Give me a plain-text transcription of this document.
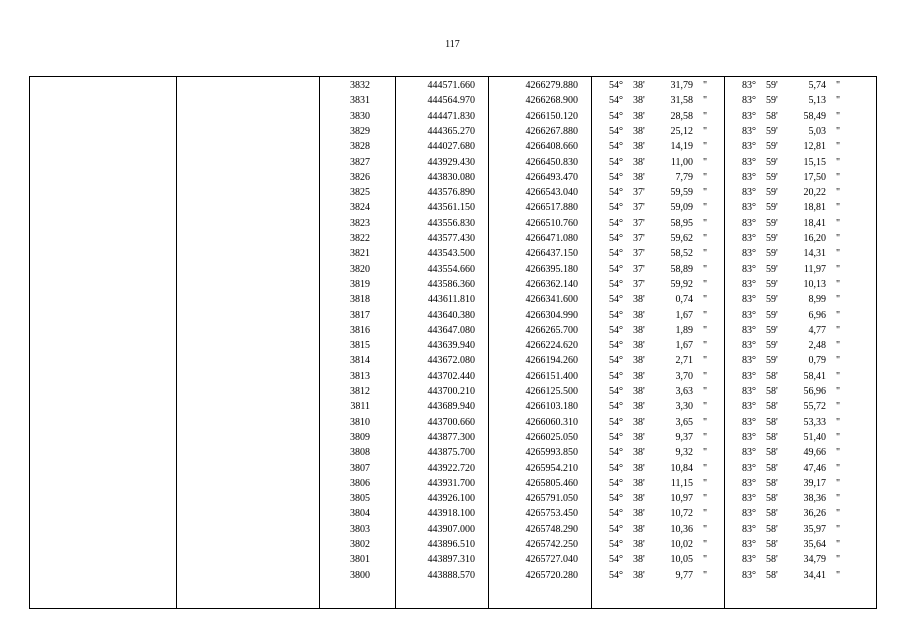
117
3832	444571.660	4266279.880	54 °	38 '	31,79 "	83 °	59 '	5,74 "
3831	444564.970	4266268.900	54 °	38 '	31,58 "	83 °	59 '	5,13 "
3830	444471.830	4266150.120	54 °	38 '	28,58 "	83 °	58 '	58,49 "
3829	444365.270	4266267.880	54 °	38 '	25,12 "	83 °	59 '	5,03 "
3828	444027.680	4266408.660	54 °	38 '	14,19 "	83 °	59 '	12,81 "
3827	443929.430	4266450.830	54 °	38 '	11,00 "	83 °	59 '	15,15 "
3826	443830.080	4266493.470	54 °	38 '	7,79 "	83 °	59 '	17,50 "
3825	443576.890	4266543.040	54 °	37 '	59,59 "	83 °	59 '	20,22 "
3824	443561.150	4266517.880	54 °	37 '	59,09 "	83 °	59 '	18,81 "
3823	443556.830	4266510.760	54 °	37 '	58,95 "	83 °	59 '	18,41 "
3822	443577.430	4266471.080	54 °	37 '	59,62 "	83 °	59 '	16,20 "
3821	443543.500	4266437.150	54 °	37 '	58,52 "	83 °	59 '	14,31 "
3820	443554.660	4266395.180	54 °	37 '	58,89 "	83 °	59 '	11,97 "
3819	443586.360	4266362.140	54 °	37 '	59,92 "	83 °	59 '	10,13 "
3818	443611.810	4266341.600	54 °	38 '	0,74 "	83 °	59 '	8,99 "
3817	443640.380	4266304.990	54 °	38 '	1,67 "	83 °	59 '	6,96 "
3816	443647.080	4266265.700	54 °	38 '	1,89 "	83 °	59 '	4,77 "
3815	443639.940	4266224.620	54 °	38 '	1,67 "	83 °	59 '	2,48 "
3814	443672.080	4266194.260	54 °	38 '	2,71 "	83 °	59 '	0,79 "
3813	443702.440	4266151.400	54 °	38 '	3,70 "	83 °	58 '	58,41 "
3812	443700.210	4266125.500	54 °	38 '	3,63 "	83 °	58 '	56,96 "
3811	443689.940	4266103.180	54 °	38 '	3,30 "	83 °	58 '	55,72 "
3810	443700.660	4266060.310	54 °	38 '	3,65 "	83 °	58 '	53,33 "
3809	443877.300	4266025.050	54 °	38 '	9,37 "	83 °	58 '	51,40 "
3808	443875.700	4265993.850	54 °	38 '	9,32 "	83 °	58 '	49,66 "
3807	443922.720	4265954.210	54 °	38 '	10,84 "	83 °	58 '	47,46 "
3806	443931.700	4265805.460	54 °	38 '	11,15 "	83 °	58 '	39,17 "
3805	443926.100	4265791.050	54 °	38 '	10,97 "	83 °	58 '	38,36 "
3804	443918.100	4265753.450	54 °	38 '	10,72 "	83 °	58 '	36,26 "
3803	443907.000	4265748.290	54 °	38 '	10,36 "	83 °	58 '	35,97 "
3802	443896.510	4265742.250	54 °	38 '	10,02 "	83 °	58 '	35,64 "
3801	443897.310	4265727.040	54 °	38 '	10,05 "	83 °	58 '	34,79 "
3800	443888.570	4265720.280	54 °	38 '	9,77 "	83 °	58 '	34,41 "
